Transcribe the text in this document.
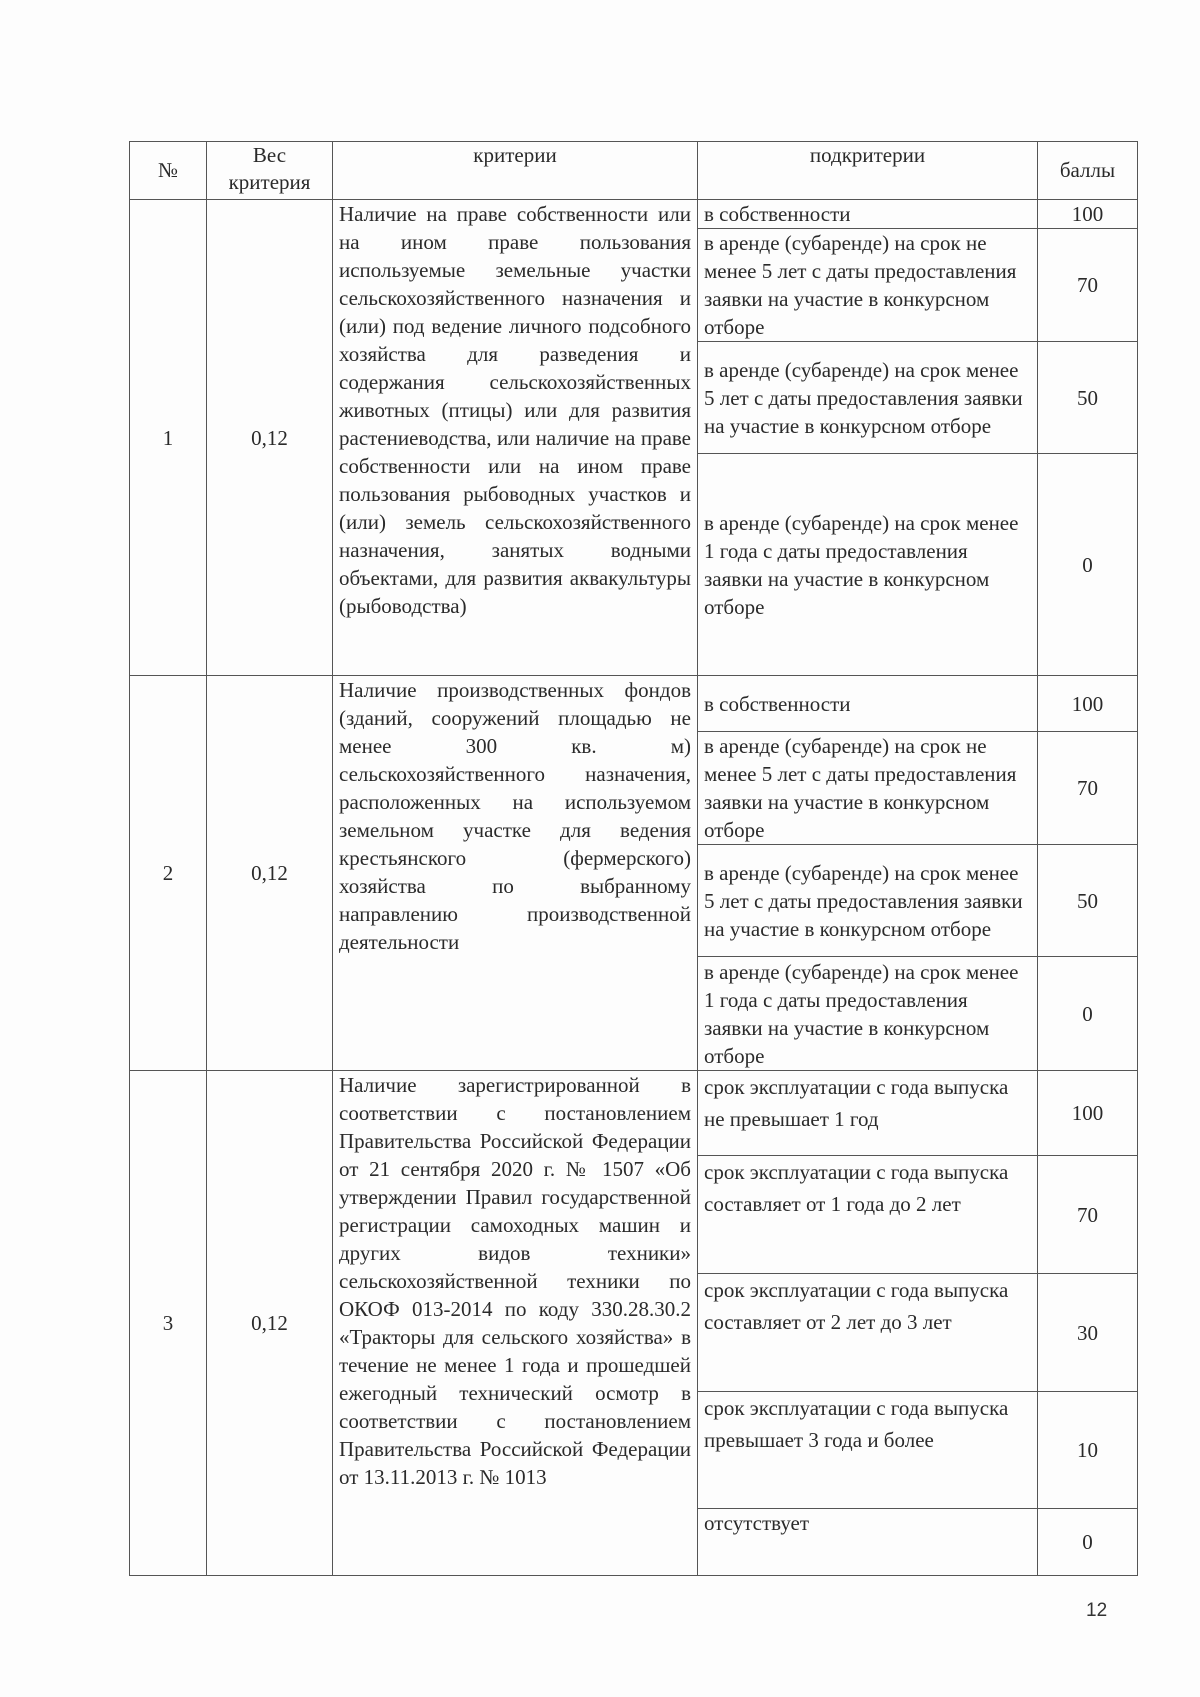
№	Вес критерия	критерии	подкритерии	баллы
1	0,12	Наличие на праве собственности или на ином праве пользования используемые земельные участки сельскохозяйственного назначения и (или) под ведение личного подсобного хозяйства для разведения и содержания сельскохозяйственных животных (птицы) или для развития растениеводства, или наличие на праве собственности или на ином праве пользования рыбоводных участков и (или) земель сельскохозяйственного назначения, занятых водными объектами, для развития аквакультуры (рыбоводства)	в собственности	100
			в аренде (субаренде) на срок не менее 5 лет с даты предоставления заявки на участие в конкурсном отборе	70
			в аренде (субаренде) на срок менее 5 лет с даты предоставления заявки на участие в конкурсном отборе	50
			в аренде (субаренде) на срок менее 1 года с даты предоставления заявки на участие в конкурсном отборе	0
2	0,12	Наличие производственных фондов (зданий, сооружений площадью не менее 300 кв. м) сельскохозяйственного назначения, расположенных на используемом земельном участке для ведения крестьянского (фермерского) хозяйства по выбранному направлению производственной деятельности	в собственности	100
			в аренде (субаренде) на срок не менее 5 лет с даты предоставления заявки на участие в конкурсном отборе	70
			в аренде (субаренде) на срок менее 5 лет с даты предоставления заявки на участие в конкурсном отборе	50
			в аренде (субаренде) на срок менее 1 года с даты предоставления заявки на участие в конкурсном отборе	0
3	0,12	Наличие зарегистрированной в соответствии с постановлением Правительства Российской Федерации от 21 сентября 2020 г. № 1507 «Об утверждении Правил государственной регистрации самоходных машин и других видов техники» сельскохозяйственной техники по ОКОФ 013-2014 по коду 330.28.30.2 «Тракторы для сельского хозяйства» в течение не менее 1 года и прошедшей ежегодный технический осмотр в соответствии с постановлением Правительства Российской Федерации от 13.11.2013 г. № 1013	срок эксплуатации с года выпуска не превышает 1 год	100
			срок эксплуатации с года выпуска составляет от 1 года до 2 лет	70
			срок эксплуатации с года выпуска составляет от 2 лет до 3 лет	30
			срок эксплуатации с года выпуска превышает 3 года и более	10
			отсутствует	0
12
